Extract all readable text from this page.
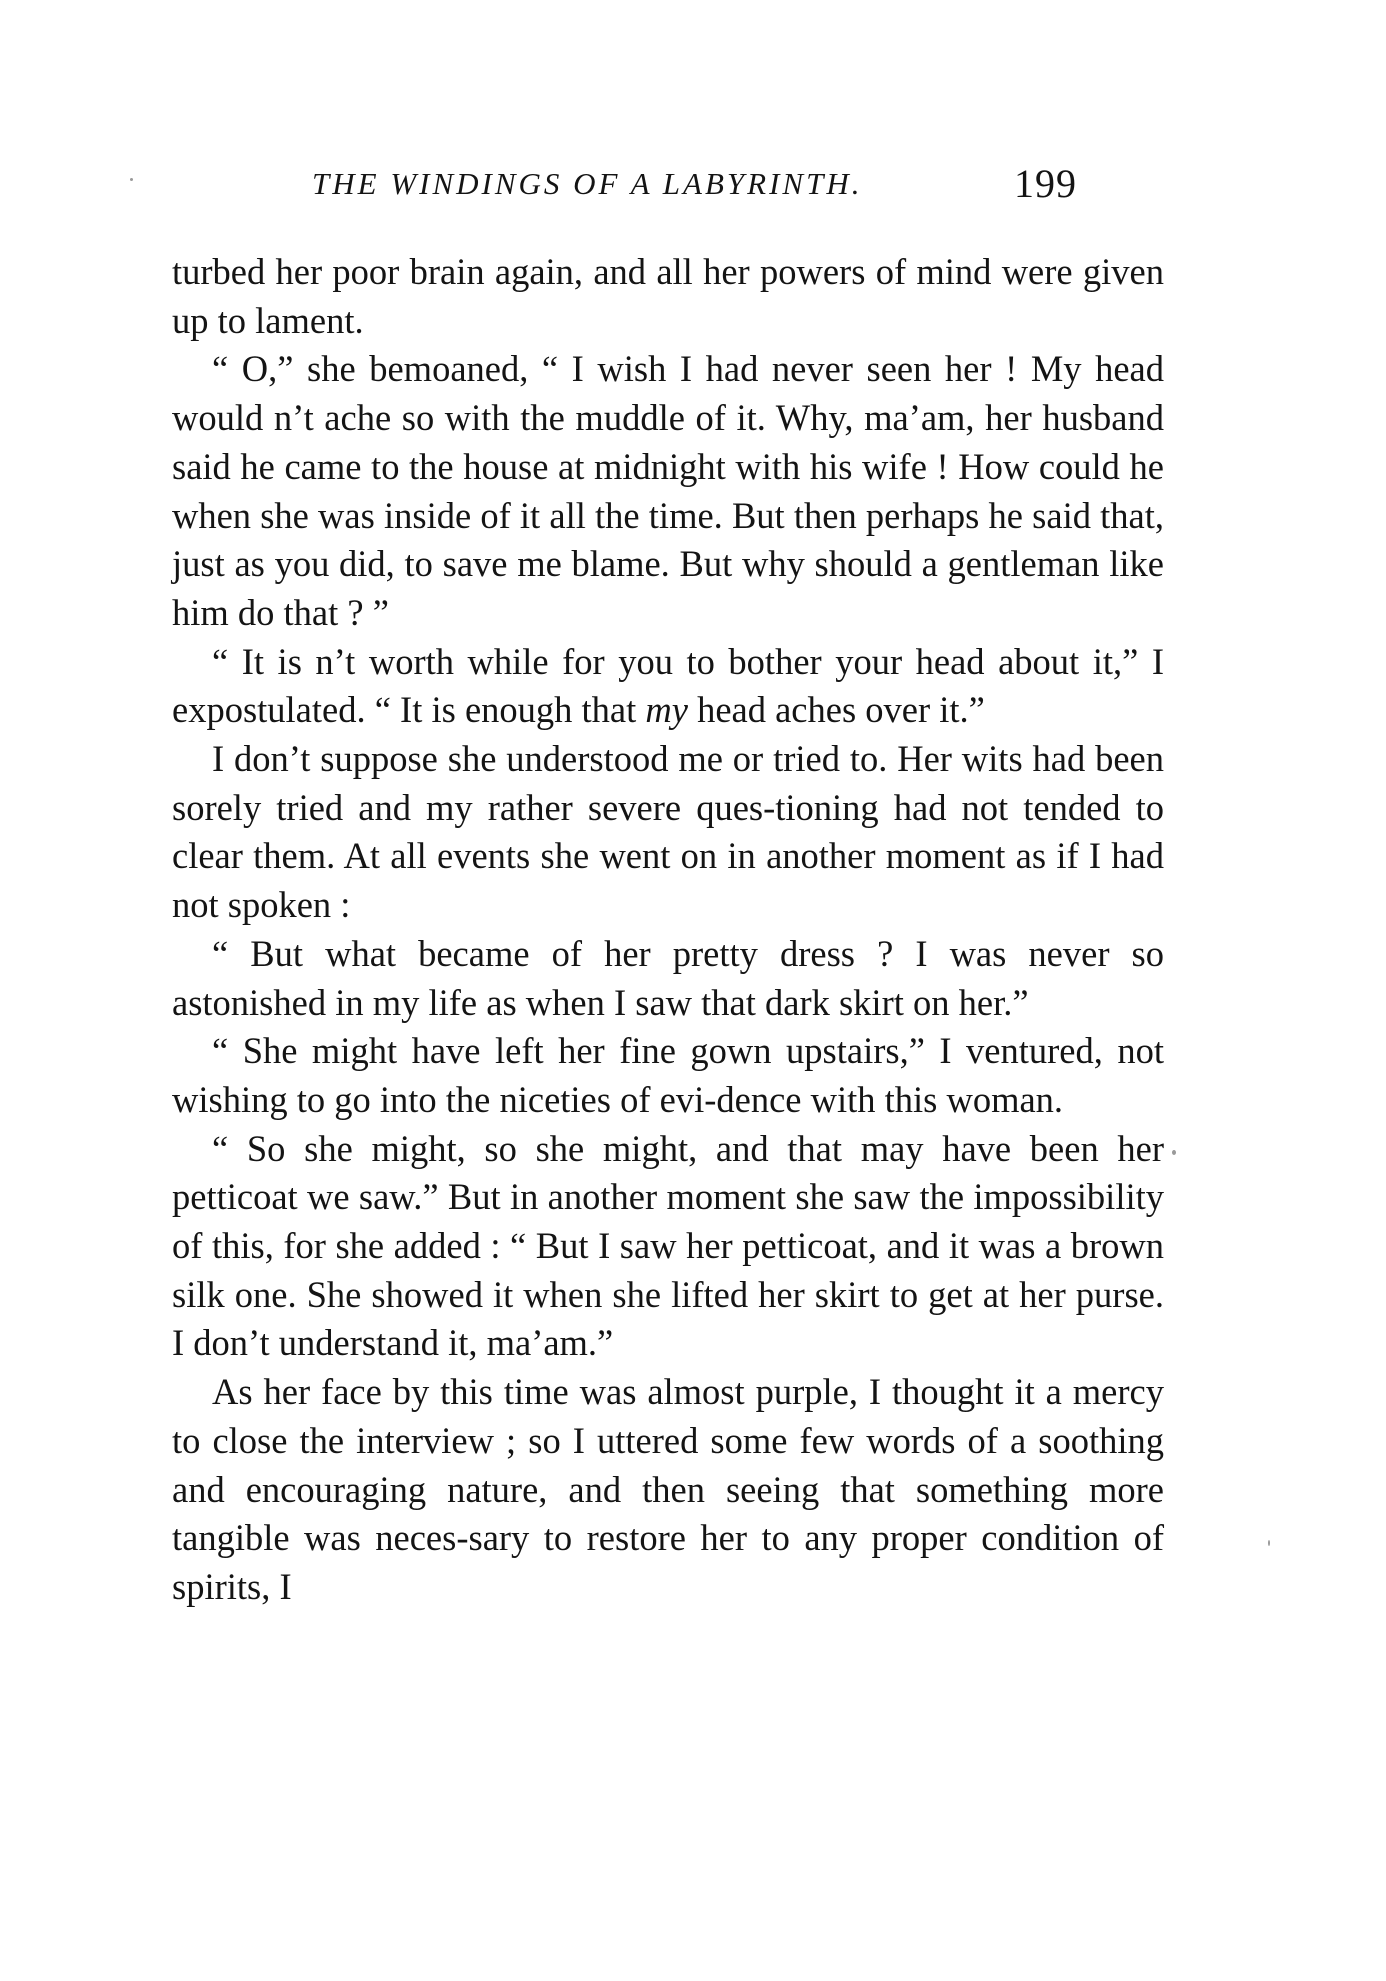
THE WINDINGS OF A LABYRINTH.	199

turbed her poor brain again, and all her powers of mind were given up to lament.

“ O,” she bemoaned, “ I wish I had never seen her ! My head would n’t ache so with the muddle of it. Why, ma’am, her husband said he came to the house at midnight with his wife ! How could he when she was inside of it all the time. But then perhaps he said that, just as you did, to save me blame. But why should a gentleman like him do that ? ”

“ It is n’t worth while for you to bother your head about it,” I expostulated. “ It is enough that my head aches over it.”

I don’t suppose she understood me or tried to. Her wits had been sorely tried and my rather severe ques-tioning had not tended to clear them. At all events she went on in another moment as if I had not spoken :

“ But what became of her pretty dress ? I was never so astonished in my life as when I saw that dark skirt on her.”

“ She might have left her fine gown upstairs,” I ventured, not wishing to go into the niceties of evi-dence with this woman.

“ So she might, so she might, and that may have been her petticoat we saw.” But in another moment she saw the impossibility of this, for she added : “ But I saw her petticoat, and it was a brown silk one. She showed it when she lifted her skirt to get at her purse. I don’t understand it, ma’am.”

As her face by this time was almost purple, I thought it a mercy to close the interview ; so I uttered some few words of a soothing and encouraging nature, and then seeing that something more tangible was neces-sary to restore her to any proper condition of spirits, I
